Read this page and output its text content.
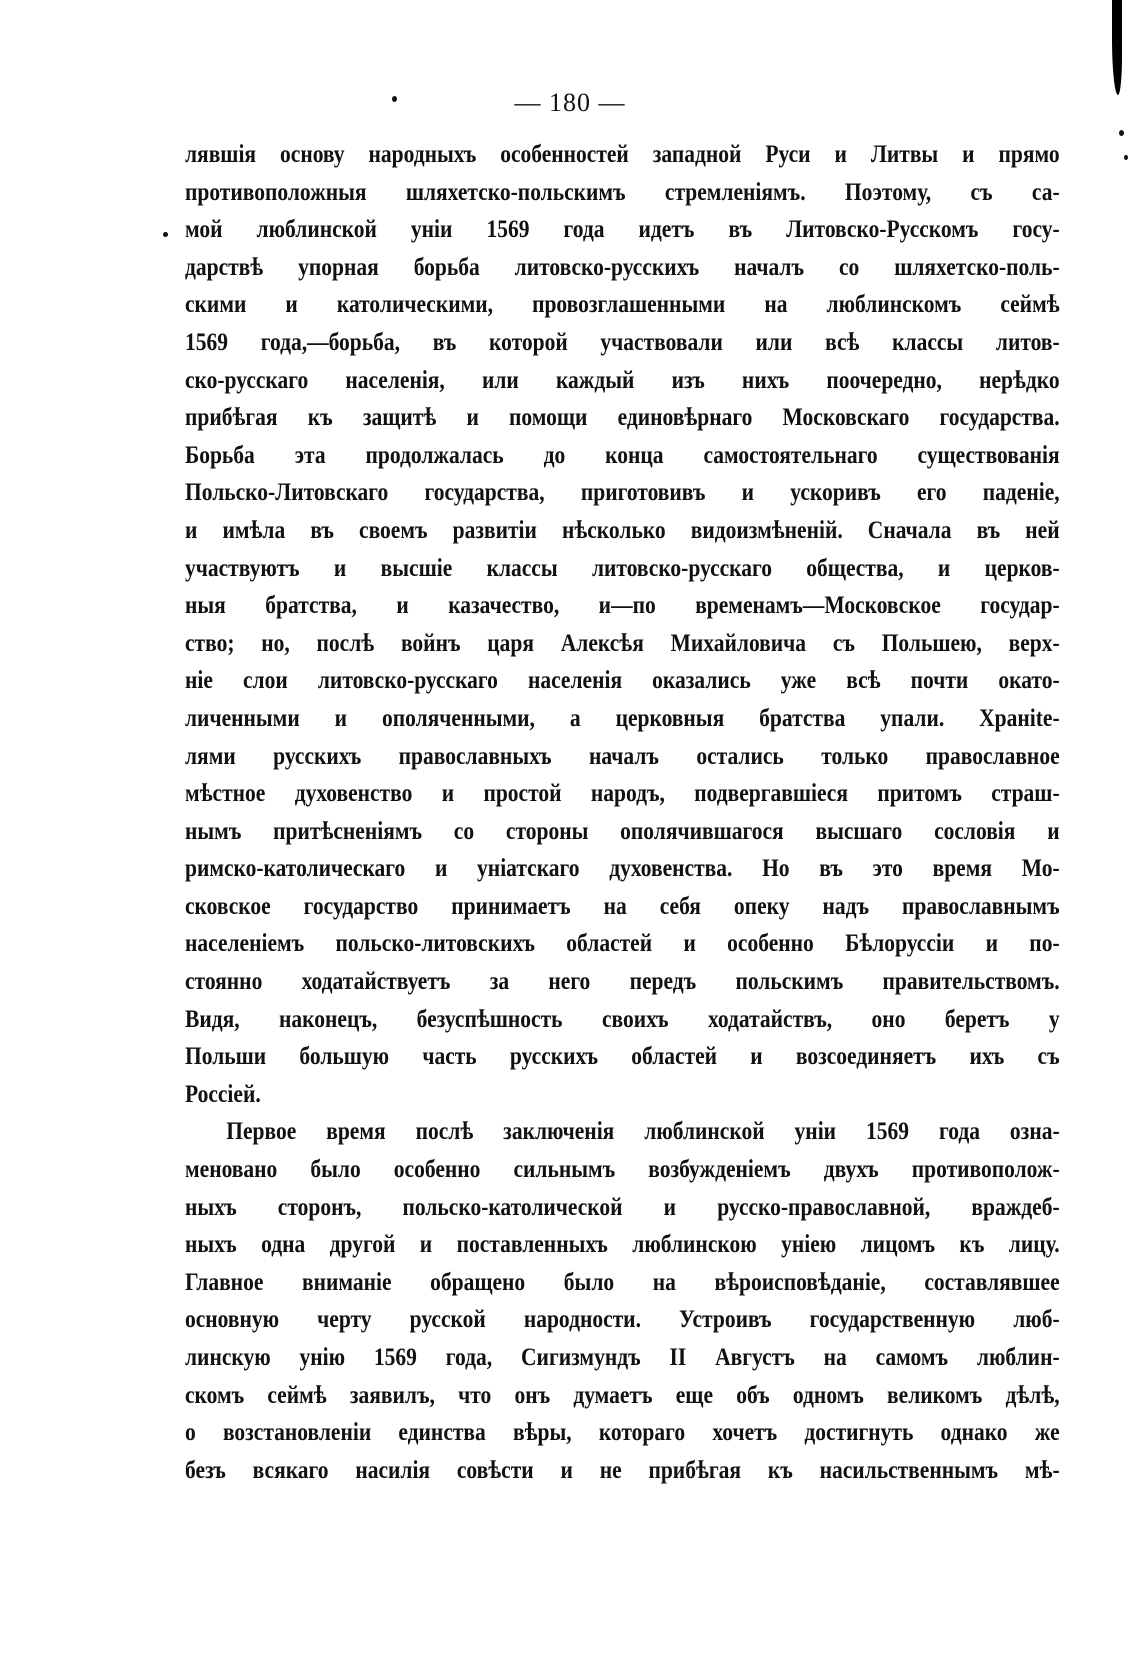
— 180 —
лявшія основу народныхъ особенностей западной Руси и Литвы и прямо
противоположныя шляхетско-польскимъ стремленіямъ. Поэтому, съ са-
мой люблинской уніи 1569 года идетъ въ Литовско-Русскомъ госу-
дарствѣ упорная борьба литовско-русскихъ началъ со шляхетско-поль-
скими и католическими, провозглашенными на люблинскомъ сеймѣ
1569 года,—борьба, въ которой участвовали или всѣ классы литов-
ско-русскаго населенія, или каждый изъ нихъ поочередно, нерѣдко
прибѣгая къ защитѣ и помощи единовѣрнаго Московскаго государства.
Борьба эта продолжалась до конца самостоятельнаго существованія
Польско-Литовскаго государства, приготовивъ и ускоривъ его паденіе,
и имѣла въ своемъ развитіи нѣсколько видоизмѣненій. Сначала въ ней
участвуютъ и высшіе классы литовско-русскаго общества, и церков-
ныя братства, и казачество, и—по временамъ—Московское государ-
ство; но, послѣ войнъ царя Алексѣя Михайловича съ Польшею, верх-
ніе слои литовско-русскаго населенія оказались уже всѣ почти окато-
личенными и ополяченными, а церковныя братства упали. Хранite-
лями русскихъ православныхъ началъ остались только православное
мѣстное духовенство и простой народъ, подвергавшіеся притомъ страш-
нымъ притѣсненіямъ со стороны ополячившагося высшаго сословія и
римско-католическаго и уніатскаго духовенства. Но въ это время Мо-
сковское государство принимаетъ на себя опеку надъ православнымъ
населеніемъ польско-литовскихъ областей и особенно Бѣлоруссіи и по-
стоянно ходатайствуетъ за него передъ польскимъ правительствомъ.
Видя, наконецъ, безуспѣшность своихъ ходатайствъ, оно беретъ у
Польши большую часть русскихъ областей и возсоединяетъ ихъ съ
Россіей.
Первое время послѣ заключенія люблинской уніи 1569 года озна-
меновано было особенно сильнымъ возбужденіемъ двухъ противополож-
ныхъ сторонъ, польско-католической и русско-православной, враждеб-
ныхъ одна другой и поставленныхъ люблинскою уніею лицомъ къ лицу.
Главное вниманіе обращено было на вѣроисповѣданіе, составлявшее
основную черту русской народности. Устроивъ государственную люб-
линскую унію 1569 года, Сигизмундъ II Августъ на самомъ люблин-
скомъ сеймѣ заявилъ, что онъ думаетъ еще объ одномъ великомъ дѣлѣ,
о возстановленіи единства вѣры, котораго хочетъ достигнуть однако же
безъ всякаго насилія совѣсти и не прибѣгая къ насильственнымъ мѣ-
